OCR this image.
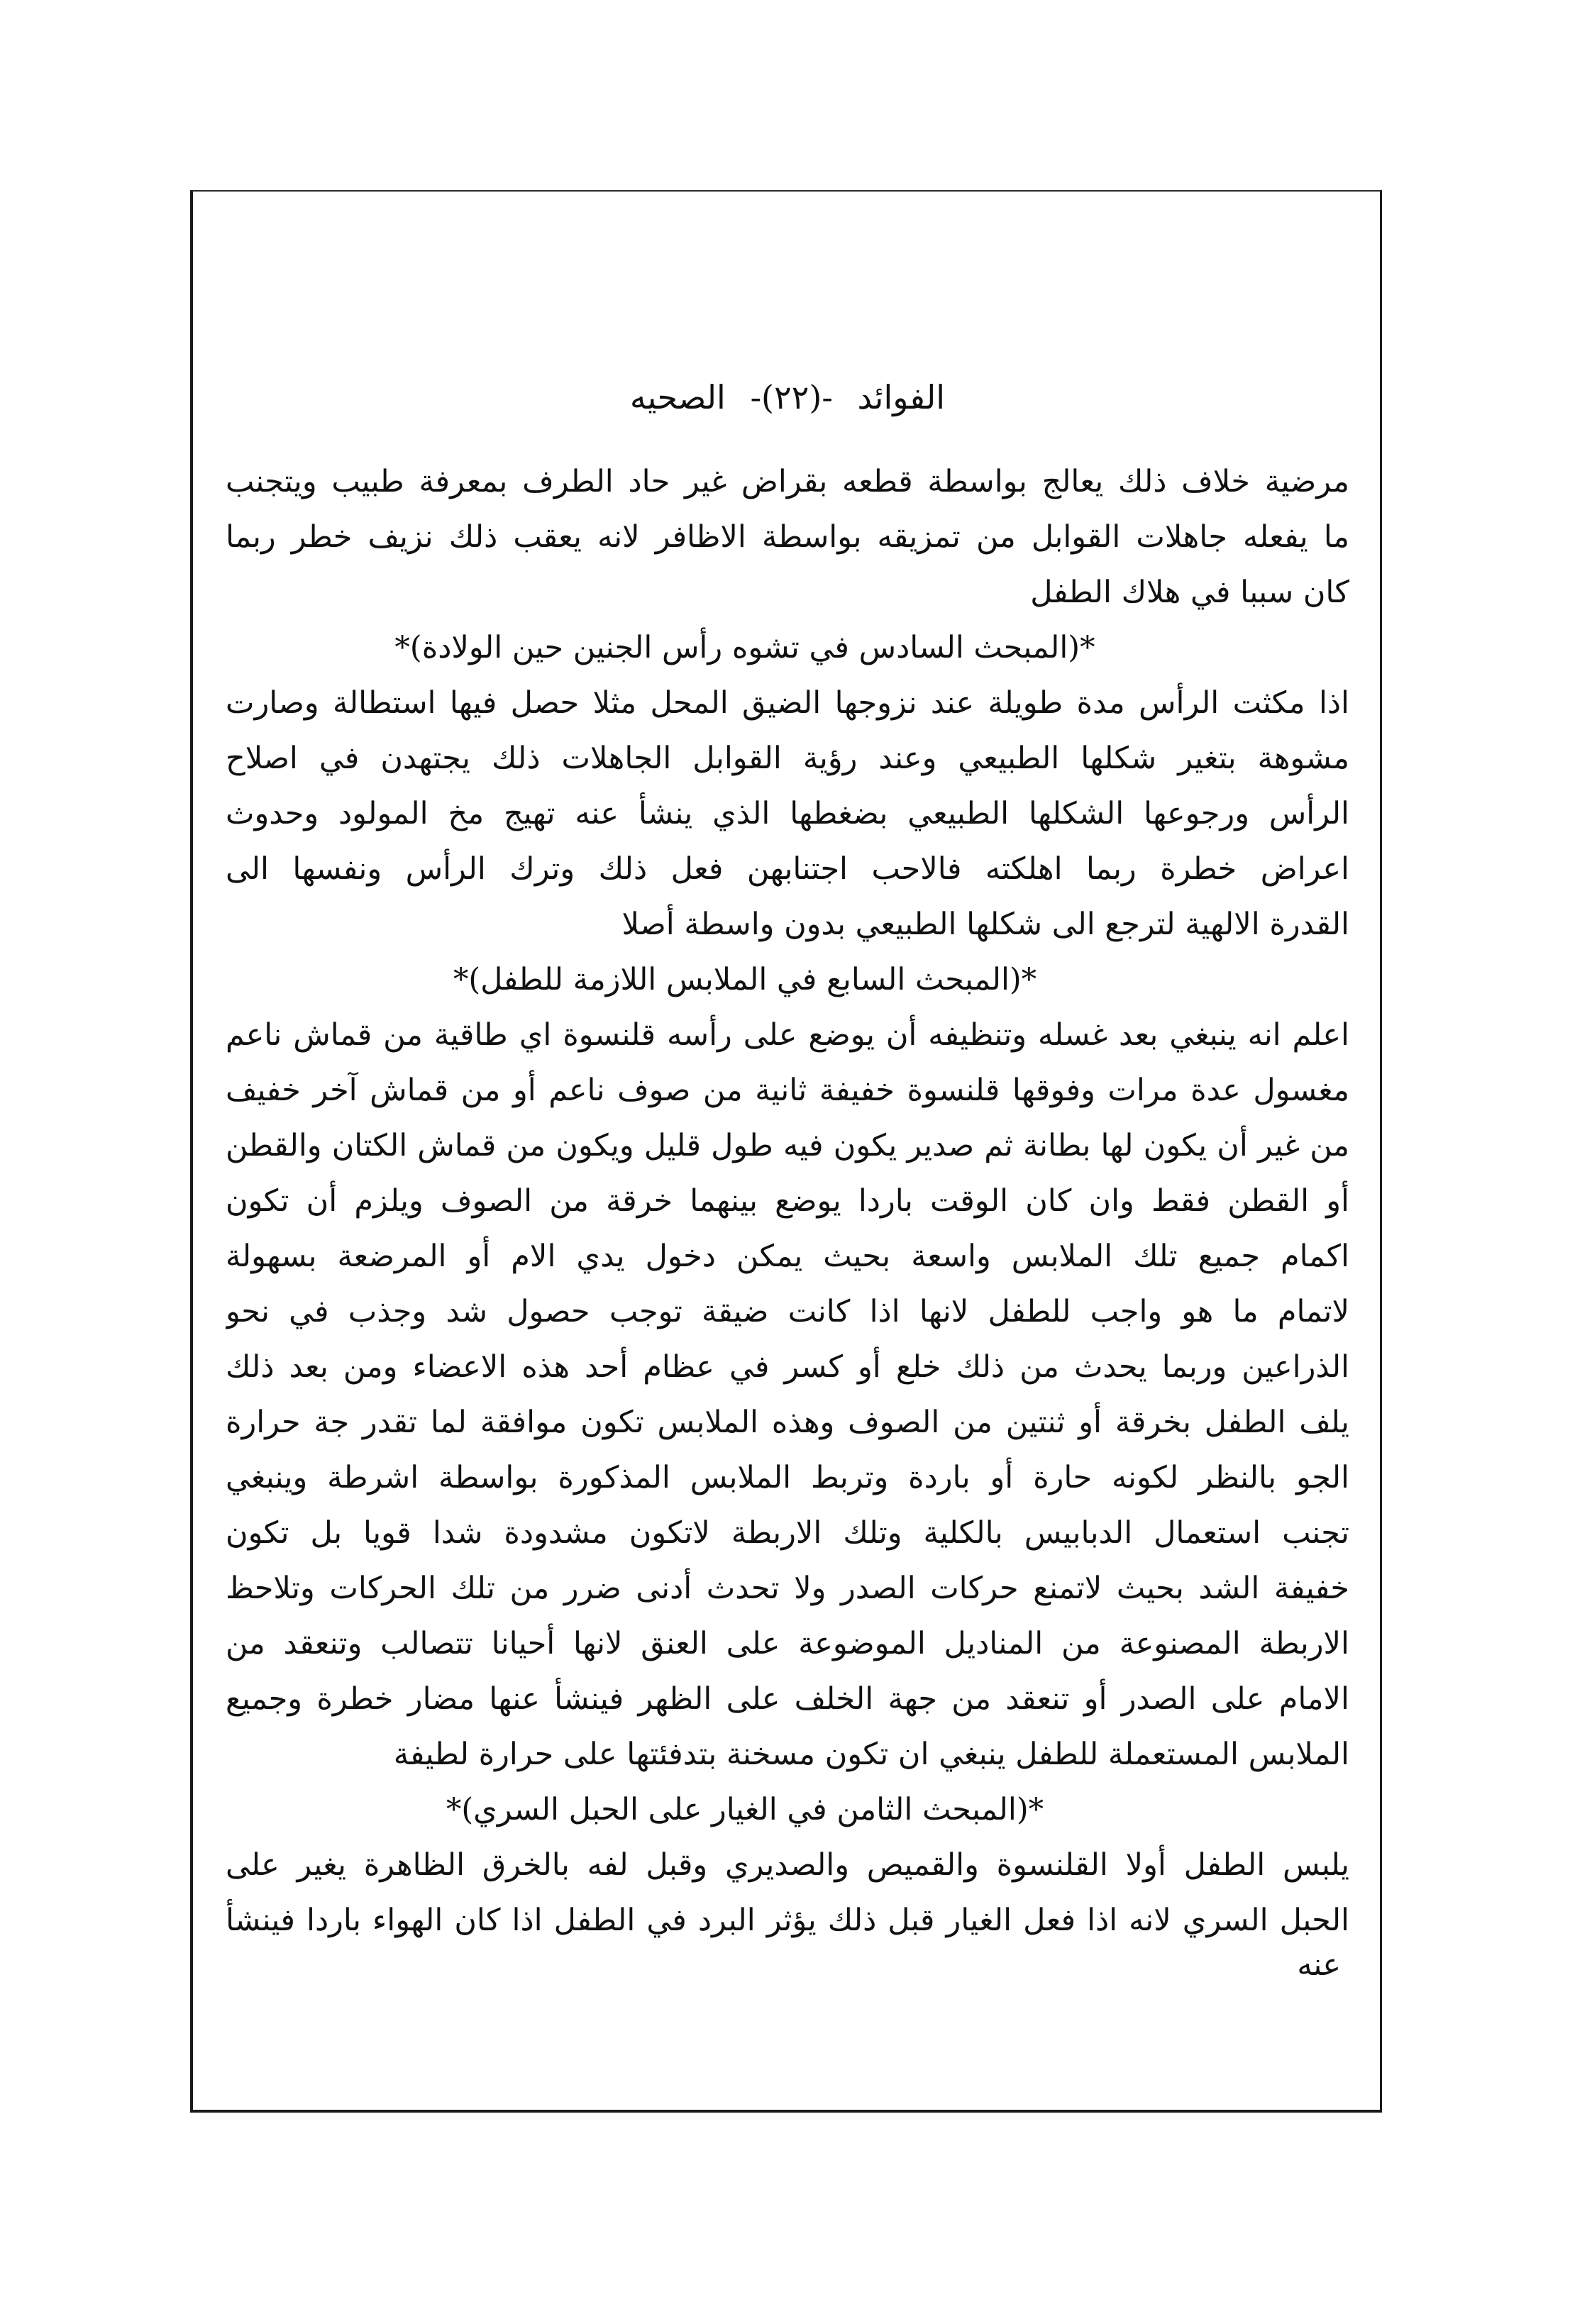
الفوائد -(٢٢)- الصحيه
مرضية خلاف ذلك يعالج بواسطة قطعه بقراض غير حاد الطرف بمعرفة طبيب ويتجنب
ما يفعله جاهلات القوابل من تمزيقه بواسطة الاظافر لانه يعقب ذلك نزيف خطر ربما
كان سببا في هلاك الطفل
*(المبحث السادس في تشوه رأس الجنين حين الولادة)*
اذا مكثت الرأس مدة طويلة عند نزوجها الضيق المحل مثلا حصل فيها استطالة وصارت
مشوهة بتغير شكلها الطبيعي وعند رؤية القوابل الجاهلات ذلك يجتهدن في اصلاح
الرأس ورجوعها الشكلها الطبيعي بضغطها الذي ينشأ عنه تهيج مخ المولود وحدوث
اعراض خطرة ربما اهلكته فالاحب اجتنابهن فعل ذلك وترك الرأس ونفسها الى
القدرة الالهية لترجع الى شكلها الطبيعي بدون واسطة أصلا
*(المبحث السابع في الملابس اللازمة للطفل)*
اعلم انه ينبغي بعد غسله وتنظيفه أن يوضع على رأسه قلنسوة اي طاقية من قماش ناعم
مغسول عدة مرات وفوقها قلنسوة خفيفة ثانية من صوف ناعم أو من قماش آخر خفيف
من غير أن يكون لها بطانة ثم صدير يكون فيه طول قليل ويكون من قماش الكتان والقطن
أو القطن فقط وان كان الوقت باردا يوضع بينهما خرقة من الصوف ويلزم أن تكون
اكمام جميع تلك الملابس واسعة بحيث يمكن دخول يدي الام أو المرضعة بسهولة
لاتمام ما هو واجب للطفل لانها اذا كانت ضيقة توجب حصول شد وجذب في نحو
الذراعين وربما يحدث من ذلك خلع أو كسر في عظام أحد هذه الاعضاء ومن بعد ذلك
يلف الطفل بخرقة أو ثنتين من الصوف وهذه الملابس تكون موافقة لما تقدر جة حرارة
الجو بالنظر لكونه حارة أو باردة وتربط الملابس المذكورة بواسطة اشرطة وينبغي
تجنب استعمال الدبابيس بالكلية وتلك الاربطة لاتكون مشدودة شدا قويا بل تكون
خفيفة الشد بحيث لاتمنع حركات الصدر ولا تحدث أدنى ضرر من تلك الحركات وتلاحظ
الاربطة المصنوعة من المناديل الموضوعة على العنق لانها أحيانا تتصالب وتنعقد من
الامام على الصدر أو تنعقد من جهة الخلف على الظهر فينشأ عنها مضار خطرة وجميع
الملابس المستعملة للطفل ينبغي ان تكون مسخنة بتدفئتها على حرارة لطيفة
*(المبحث الثامن في الغيار على الحبل السري)*
يلبس الطفل أولا القلنسوة والقميص والصديري وقبل لفه بالخرق الظاهرة يغير على
الحبل السري لانه اذا فعل الغيار قبل ذلك يؤثر البرد في الطفل اذا كان الهواء باردا فينشأ
عنه
